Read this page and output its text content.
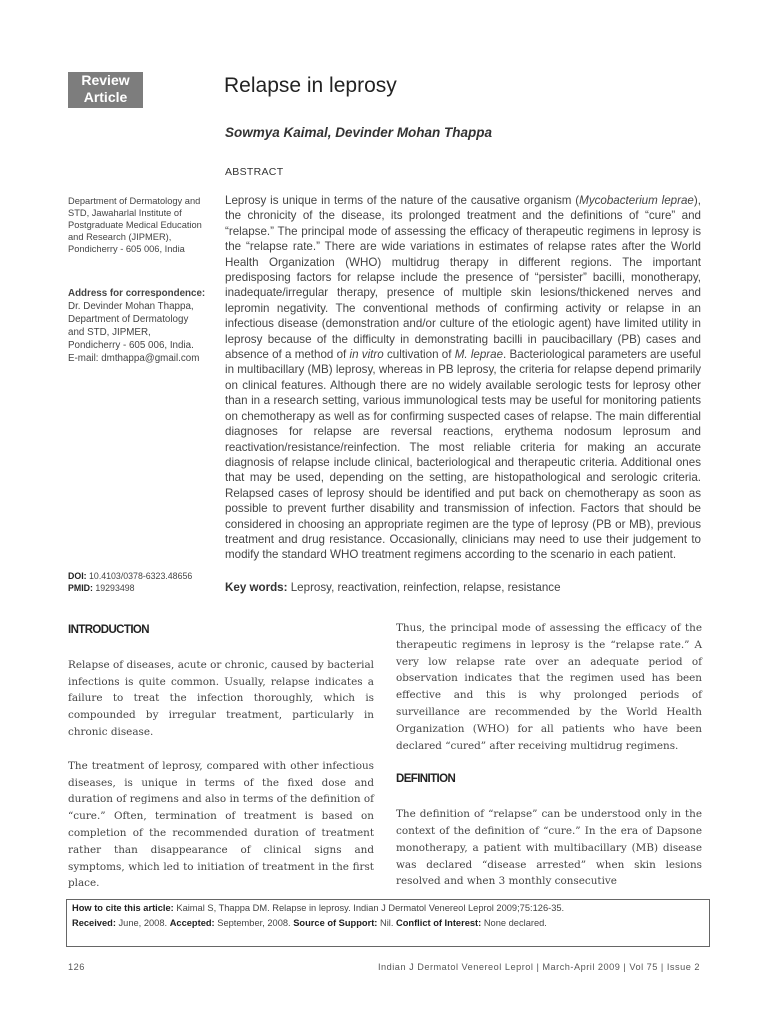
Review
Article	Relapse in leprosy
Sowmya Kaimal, Devinder Mohan Thappa
ABSTRACT
Department of Dermatology and STD, Jawaharlal Institute of Postgraduate Medical Education and Research (JIPMER), Pondicherry - 605 006, India
Address for correspondence:
Dr. Devinder Mohan Thappa,
Department of Dermatology
and STD, JIPMER,
Pondicherry - 605 006, India.
E-mail: dmthappa@gmail.com
Leprosy is unique in terms of the nature of the causative organism (Mycobacterium leprae), the chronicity of the disease, its prolonged treatment and the definitions of “cure” and “relapse.” The principal mode of assessing the efficacy of therapeutic regimens in leprosy is the “relapse rate.” There are wide variations in estimates of relapse rates after the World Health Organization (WHO) multidrug therapy in different regions. The important predisposing factors for relapse include the presence of “persister” bacilli, monotherapy, inadequate/irregular therapy, presence of multiple skin lesions/thickened nerves and lepromin negativity. The conventional methods of confirming activity or relapse in an infectious disease (demonstration and/or culture of the etiologic agent) have limited utility in leprosy because of the difficulty in demonstrating bacilli in paucibacillary (PB) cases and absence of a method of in vitro cultivation of M. leprae. Bacteriological parameters are useful in multibacillary (MB) leprosy, whereas in PB leprosy, the criteria for relapse depend primarily on clinical features. Although there are no widely available serologic tests for leprosy other than in a research setting, various immunological tests may be useful for monitoring patients on chemotherapy as well as for confirming suspected cases of relapse. The main differential diagnoses for relapse are reversal reactions, erythema nodosum leprosum and reactivation/resistance/reinfection. The most reliable criteria for making an accurate diagnosis of relapse include clinical, bacteriological and therapeutic criteria. Additional ones that may be used, depending on the setting, are histopathological and serologic criteria. Relapsed cases of leprosy should be identified and put back on chemotherapy as soon as possible to prevent further disability and transmission of infection. Factors that should be considered in choosing an appropriate regimen are the type of leprosy (PB or MB), previous treatment and drug resistance. Occasionally, clinicians may need to use their judgement to modify the standard WHO treatment regimens according to the scenario in each patient.
DOI: 10.4103/0378-6323.48656
PMID: 19293498	Key words: Leprosy, reactivation, reinfection, relapse, resistance
INTRODUCTION

Relapse of diseases, acute or chronic, caused by bacterial infections is quite common. Usually, relapse indicates a failure to treat the infection thoroughly, which is compounded by irregular treatment, particularly in chronic disease.

The treatment of leprosy, compared with other infectious diseases, is unique in terms of the fixed dose and duration of regimens and also in terms of the definition of “cure.” Often, termination of treatment is based on completion of the recommended duration of treatment rather than disappearance of clinical signs and symptoms, which led to initiation of treatment in the first place.

Thus, the principal mode of assessing the efficacy of the therapeutic regimens in leprosy is the “relapse rate.” A very low relapse rate over an adequate period of observation indicates that the regimen used has been effective and this is why prolonged periods of surveillance are recommended by the World Health Organization (WHO) for all patients who have been declared “cured” after receiving multidrug regimens.

DEFINITION

The definition of “relapse” can be understood only in the context of the definition of “cure.” In the era of Dapsone monotherapy, a patient with multibacillary (MB) disease was declared “disease arrested” when skin lesions resolved and when 3 monthly consecutive

How to cite this article: Kaimal S, Thappa DM. Relapse in leprosy. Indian J Dermatol Venereol Leprol 2009;75:126-35.
Received: June, 2008. Accepted: September, 2008. Source of Support: Nil. Conflict of Interest: None declared.
126	Indian J Dermatol Venereol Leprol | March-April 2009 | Vol 75 | Issue 2
